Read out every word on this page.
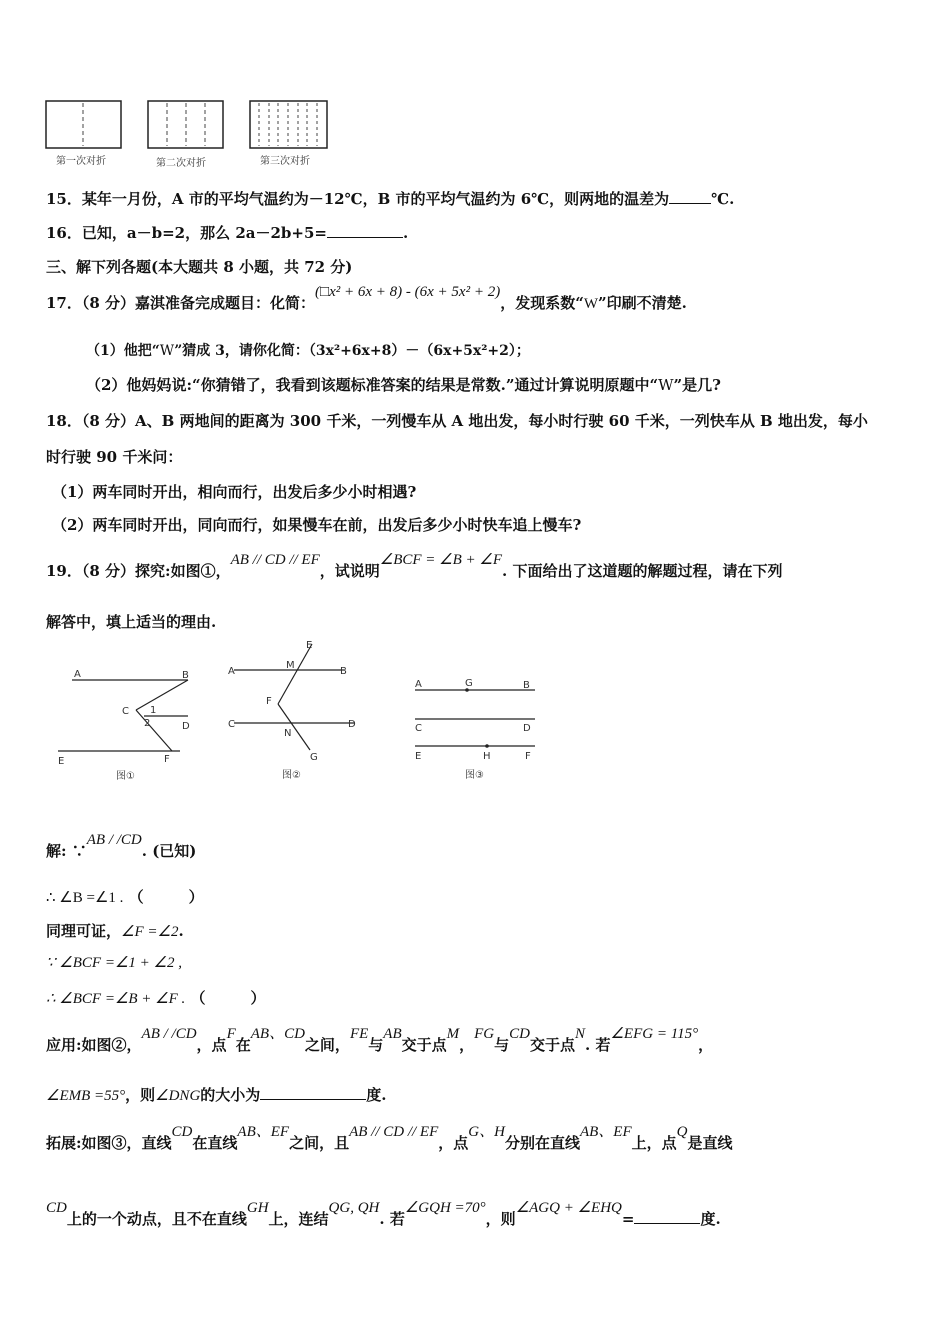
第一次对折	第二次对折	第三次对折
15．某年一月份，A 市的平均气温约为－12℃，B 市的平均气温约为 6℃，则两地的温差为	℃.
16．已知，a－b=2，那么 2a－2b+5=	.
三、解下列各题(本大题共 8 小题，共 72 分)
17．（8 分）嘉淇准备完成题目：化简：(□x² + 6x + 8) - (6x + 5x² + 2)，发现系数“W”印刷不清楚.
（1）他把“W”猜成 3，请你化简：（3x²+6x+8）－（6x+5x²+2）；
（2）他妈妈说:“你猜错了，我看到该题标准答案的结果是常数.”通过计算说明原题中“W”是几?
18．（8 分）A、B 两地间的距离为 300 千米，一列慢车从 A 地出发，每小时行驶 60 千米，一列快车从 B 地出发，每小
时行驶 90 千米问：
（1）两车同时开出，相向而行，出发后多少小时相遇?
（2）两车同时开出，同向而行，如果慢车在前，出发后多少小时快车追上慢车?
19．（8 分）探究:如图①，AB // CD // EF，试说明∠BCF = ∠B + ∠F. 下面给出了这道题的解题过程，请在下列
解答中，填上适当的理由.
A	B
C 1
2	D
E	F
图①
E
M
B
A
F
C	D
N
G
图②
A	G	B
C	D
E	H	F
图③
解: ∵AB / /CD. (已知)
∴ ∠B =∠1 . （　　　）
同理可证，∠F =∠2.
∵ ∠BCF =∠1 + ∠2 ,
∴ ∠BCF =∠B + ∠F . （　　　）
应用:如图②，AB / /CD，点F在AB、CD之间，FE与AB交于点M，FG与CD交于点N. 若∠EFG = 115°，
∠EMB =55°，则∠DNG的大小为	度.
拓展:如图③，直线CD在直线AB、EF之间，且AB // CD // EF，点G、H分别在直线AB、EF上，点Q是直线
CD上的一个动点，且不在直线GH上，连结QG, QH. 若∠GQH =70°，则∠AGQ + ∠EHQ=	度.
